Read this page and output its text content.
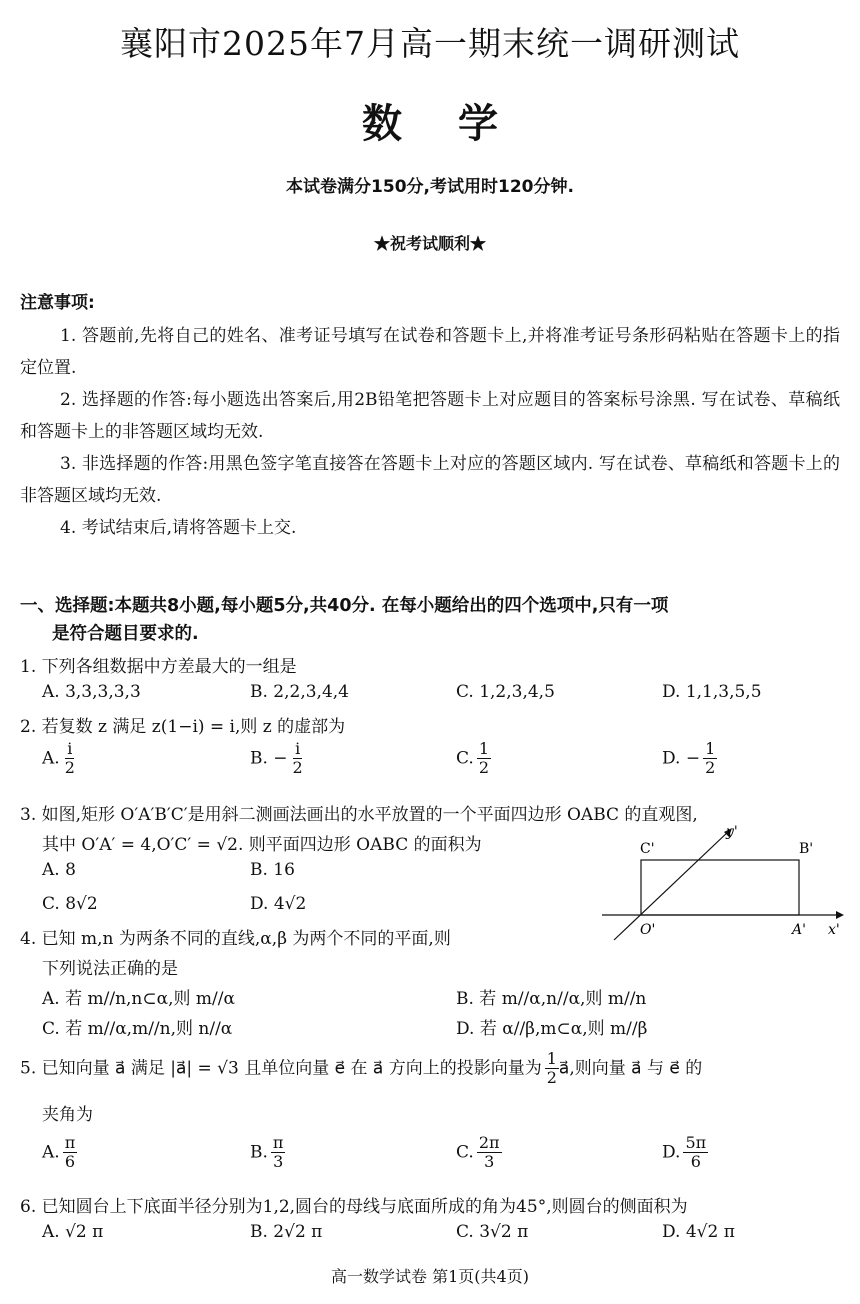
襄阳市2025年7月高一期末统一调研测试
数学
本试卷满分150分,考试用时120分钟.
★祝考试顺利★
注意事项:
1. 答题前,先将自己的姓名、准考证号填写在试卷和答题卡上,并将准考证号条形码粘贴在答题卡上的指定位置.
2. 选择题的作答:每小题选出答案后,用2B铅笔把答题卡上对应题目的答案标号涂黑. 写在试卷、草稿纸和答题卡上的非答题区域均无效.
3. 非选择题的作答:用黑色签字笔直接答在答题卡上对应的答题区域内. 写在试卷、草稿纸和答题卡上的非答题区域均无效.
4. 考试结束后,请将答题卡上交.
一、选择题:本题共8小题,每小题5分,共40分. 在每小题给出的四个选项中,只有一项
是符合题目要求的.
1. 下列各组数据中方差最大的一组是
A. 3,3,3,3,3	B. 2,2,3,4,4	C. 1,2,3,4,5	D. 1,1,3,5,5
2. 若复数 z 满足 z(1−i) = i,则 z 的虚部为
A. $\frac{i}{2}$	B. − $\frac{i}{2}$	C. $\frac{1}{2}$	D. − $\frac{1}{2}$
3. 如图,矩形 O′A′B′C′是用斜二测画法画出的水平放置的一个平面四边形 OABC 的直观图,
其中 O′A′ = 4,O′C′ = √2. 则平面四边形 OABC 的面积为
A. 8	B. 16
C. 8√2	D. 4√2
C'	B'
O'	A' x'
y'
4. 已知 m,n 为两条不同的直线,α,β 为两个不同的平面,则
下列说法正确的是
A. 若 m//n,n⊂α,则 m//α	B. 若 m//α,n//α,则 m//n
C. 若 m//α,m//n,则 n//α	D. 若 α//β,m⊂α,则 m//β
5. 已知向量 a⃗ 满足 |a⃗| = √3 且单位向量 e⃗ 在 a⃗ 方向上的投影向量为 $\frac{1}{2}$ a⃗,则向量 a⃗ 与 e⃗ 的
夹角为
A. $\frac{\pi}{6}$	B. $\frac{\pi}{3}$	C. $\frac{2\pi}{3}$	D. $\frac{5\pi}{6}$
6. 已知圆台上下底面半径分别为1,2,圆台的母线与底面所成的角为45°,则圆台的侧面积为
A. √2 π	B. 2√2 π	C. 3√2 π	D. 4√2 π
高一数学试卷 第1页(共4页)
